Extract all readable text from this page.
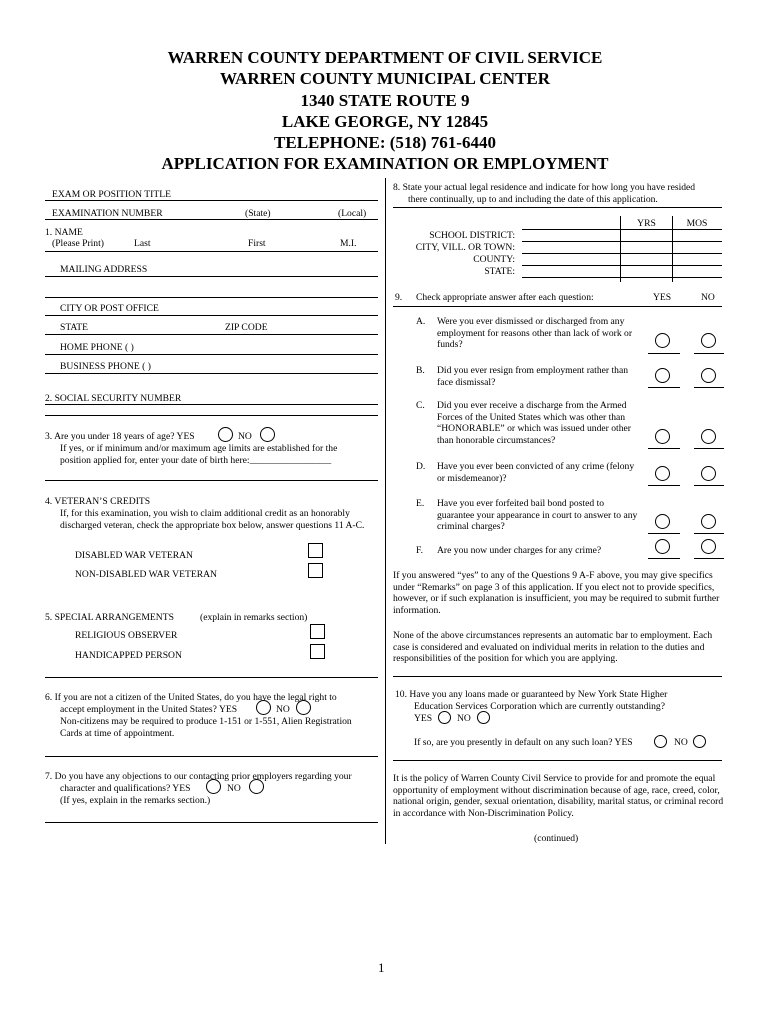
WARREN COUNTY DEPARTMENT OF CIVIL SERVICE
WARREN COUNTY MUNICIPAL CENTER
1340 STATE ROUTE 9
LAKE GEORGE, NY 12845
TELEPHONE: (518) 761-6440
APPLICATION FOR EXAMINATION OR EMPLOYMENT
EXAM OR POSITION TITLE
EXAMINATION NUMBER	(State)	(Local)
1. NAME
(Please Print)	Last	First	M.I.
MAILING ADDRESS
CITY OR POST OFFICE
STATE	ZIP CODE
HOME PHONE ( )
BUSINESS PHONE ( )
2. SOCIAL SECURITY NUMBER
3. Are you under 18 years of age? YES	NO
If yes, or if minimum and/or maximum age limits are established for the
position applied for, enter your date of birth here:_________________
4. VETERAN’S CREDITS
If, for this examination, you wish to claim additional credit as an honorably discharged veteran, check the appropriate box below, answer questions 11 A-C.
DISABLED WAR VETERAN
NON-DISABLED WAR VETERAN
5. SPECIAL ARRANGEMENTS	(explain in remarks section)
RELIGIOUS OBSERVER
HANDICAPPED PERSON
6. If you are not a citizen of the United States, do you have the legal right to
accept employment in the United States? YES	NO
Non-citizens may be required to produce 1-151 or 1-551, Alien Registration
Cards at time of appointment.
7. Do you have any objections to our contacting prior employers regarding your
character and qualifications? YES	NO
(If yes, explain in the remarks section.)
8. State your actual legal residence and indicate for how long you have resided
there continually, up to and including the date of this application.
YRS	MOS
SCHOOL DISTRICT:
CITY, VILL. OR TOWN:
COUNTY:
STATE:
9. Check appropriate answer after each question:	YES	NO
A. Were you ever dismissed or discharged from any employment for reasons other than lack of work or funds?
B. Did you ever resign from employment rather than face dismissal?
C. Did you ever receive a discharge from the Armed Forces of the United States which was other than “HONORABLE” or which was issued under other than honorable circumstances?
D. Have you ever been convicted of any crime (felony or misdemeanor)?
E. Have you ever forfeited bail bond posted to guarantee your appearance in court to answer to any criminal charges?
F. Are you now under charges for any crime?
If you answered “yes” to any of the Questions 9 A-F above, you may give specifics under “Remarks” on page 3 of this application. If you elect not to provide specifics, however, or if such explanation is insufficient, you may be required to submit further information.
None of the above circumstances represents an automatic bar to employment. Each case is considered and evaluated on individual merits in relation to the duties and responsibilities of the position for which you are applying.
10. Have you any loans made or guaranteed by New York State Higher
Education Services Corporation which are currently outstanding?
YES	NO
If so, are you presently in default on any such loan? YES	NO
It is the policy of Warren County Civil Service to provide for and promote the equal opportunity of employment without discrimination because of age, race, creed, color, national origin, gender, sexual orientation, disability, marital status, or criminal record in accordance with Non-Discrimination Policy.
(continued)
1
